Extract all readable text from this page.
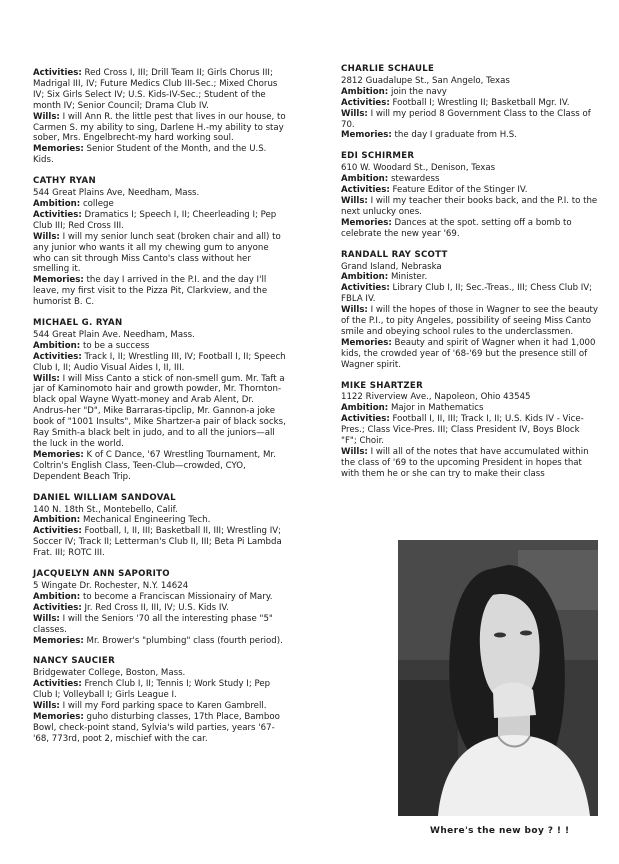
Activities: Red Cross I, III; Drill Team II; Girls Chorus III; Madrigal III, IV; Future Medics Club III-Sec.; Mixed Chorus IV; Six Girls Select IV; U.S. Kids-IV-Sec.; Student of the month IV; Senior Council; Drama Club IV.
Wills: I will Ann R. the little pest that lives in our house, to Carmen S. my ability to sing, Darlene H.-my ability to stay sober, Mrs. Engelbrecht-my hard working soul.
Memories: Senior Student of the Month, and the U.S. Kids.
CATHY RYAN
544 Great Plains Ave, Needham, Mass.
Ambition: college
Activities: Dramatics I; Speech I, II; Cheerleading I; Pep Club III; Red Cross III.
Wills: I will my senior lunch seat (broken chair and all) to any junior who wants it all my chewing gum to anyone who can sit through Miss Canto's class without her smelling it.
Memories: the day I arrived in the P.I. and the day I'll leave, my first visit to the Pizza Pit, Clarkview, and the humorist B. C.
MICHAEL G. RYAN
544 Great Plain Ave. Needham, Mass.
Ambition: to be a success
Activities: Track I, II; Wrestling III, IV; Football I, II; Speech Club I, II; Audio Visual Aides I, II, III.
Wills: I will Miss Canto a stick of non-smell gum. Mr. Taft a jar of Kaminomoto hair and growth powder, Mr. Thornton-black opal Wayne Wyatt-money and Arab Alent, Dr. Andrus-her "D", Mike Barraras-tipclip, Mr. Gannon-a joke book of "1001 Insults", Mike Shartzer-a pair of black socks, Ray Smith-a black belt in judo, and to all the juniors—all the luck in the world.
Memories: K of C Dance, '67 Wrestling Tournament, Mr. Coltrin's English Class, Teen-Club—crowded, CYO, Dependent Beach Trip.
DANIEL WILLIAM SANDOVAL
140 N. 18th St., Montebello, Calif.
Ambition: Mechanical Engineering Tech.
Activities: Football, I, II, III; Basketball II, III; Wrestling IV; Soccer IV; Track II; Letterman's Club II, III; Beta Pi Lambda Frat. III; ROTC III.
JACQUELYN ANN SAPORITO
5 Wingate Dr. Rochester, N.Y. 14624
Ambition: to become a Franciscan Missionairy of Mary.
Activities: Jr. Red Cross II, III, IV; U.S. Kids IV.
Wills: I will the Seniors '70 all the interesting phase "5" classes.
Memories: Mr. Brower's "plumbing" class (fourth period).
NANCY SAUCIER
Bridgewater College, Boston, Mass.
Activities: French Club I, II; Tennis I; Work Study I; Pep Club I; Volleyball I; Girls League I.
Wills: I will my Ford parking space to Karen Gambrell.
Memories: guho disturbing classes, 17th Place, Bamboo Bowl, check-point stand, Sylvia's wild parties, years '67-'68, 773rd, poot 2, mischief with the car.
CHARLIE SCHAULE
2812 Guadalupe St., San Angelo, Texas
Ambition: join the navy
Activities: Football I; Wrestling II; Basketball Mgr. IV.
Wills: I will my period 8 Government Class to the Class of 70.
Memories: the day I graduate from H.S.
EDI SCHIRMER
610 W. Woodard St., Denison, Texas
Ambition: stewardess
Activities: Feature Editor of the Stinger IV.
Wills: I will my teacher their books back, and the P.I. to the next unlucky ones.
Memories: Dances at the spot. setting off a bomb to celebrate the new year '69.
RANDALL RAY SCOTT
Grand Island, Nebraska
Ambition: Minister.
Activities: Library Club I, II; Sec.-Treas., III; Chess Club IV; FBLA IV.
Wills: I will the hopes of those in Wagner to see the beauty of the P.I., to pity Angeles, possibility of seeing Miss Canto smile and obeying school rules to the underclassmen.
Memories: Beauty and spirit of Wagner when it had 1,000 kids, the crowded year of '68-'69 but the presence still of Wagner spirit.
MIKE SHARTZER
1122 Riverview Ave., Napoleon, Ohio 43545
Ambition: Major in Mathematics
Activities: Football I, II, III; Track I, II; U.S. Kids IV - Vice-Pres.; Class Vice-Pres. III; Class President IV, Boys Block "F"; Choir.
Wills: I will all of the notes that have accumulated within the class of '69 to the upcoming President in hopes that with them he or she can try to make their class
Where's the new boy ? ! !
